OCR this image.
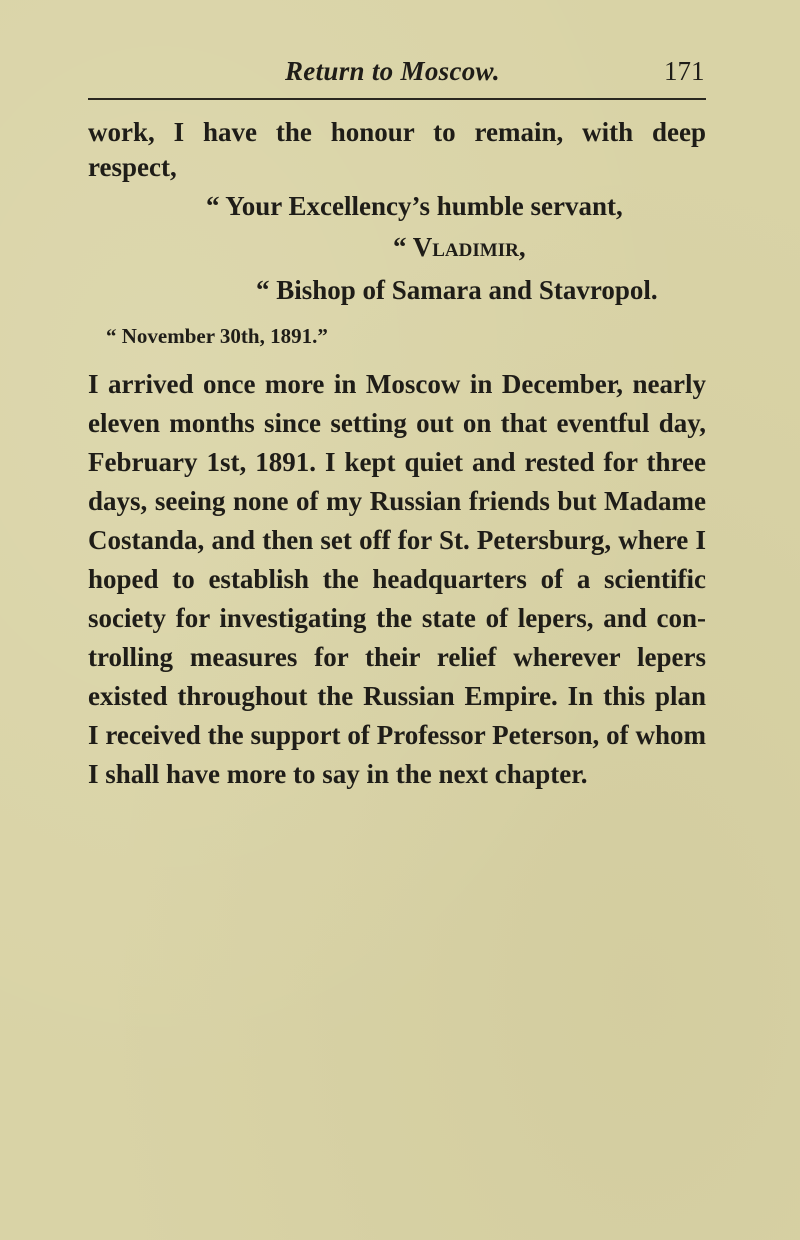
Return to Moscow.	171
work, I have the honour to remain, with deep
respect,
“ Your Excellency’s humble servant,
“ Vladimir,
“ Bishop of Samara and Stavropol.
“ November 30th, 1891.”
I arrived once more in Moscow in December, nearly
eleven months since setting out on that eventful day,
February 1st, 1891. I kept quiet and rested for three
days, seeing none of my Russian friends but Madame
Costanda, and then set off for St. Petersburg, where I
hoped to establish the headquarters of a scientific
society for investigating the state of lepers, and con-
trolling measures for their relief wherever lepers
existed throughout the Russian Empire. In this plan
I received the support of Professor Peterson, of whom
I shall have more to say in the next chapter.
